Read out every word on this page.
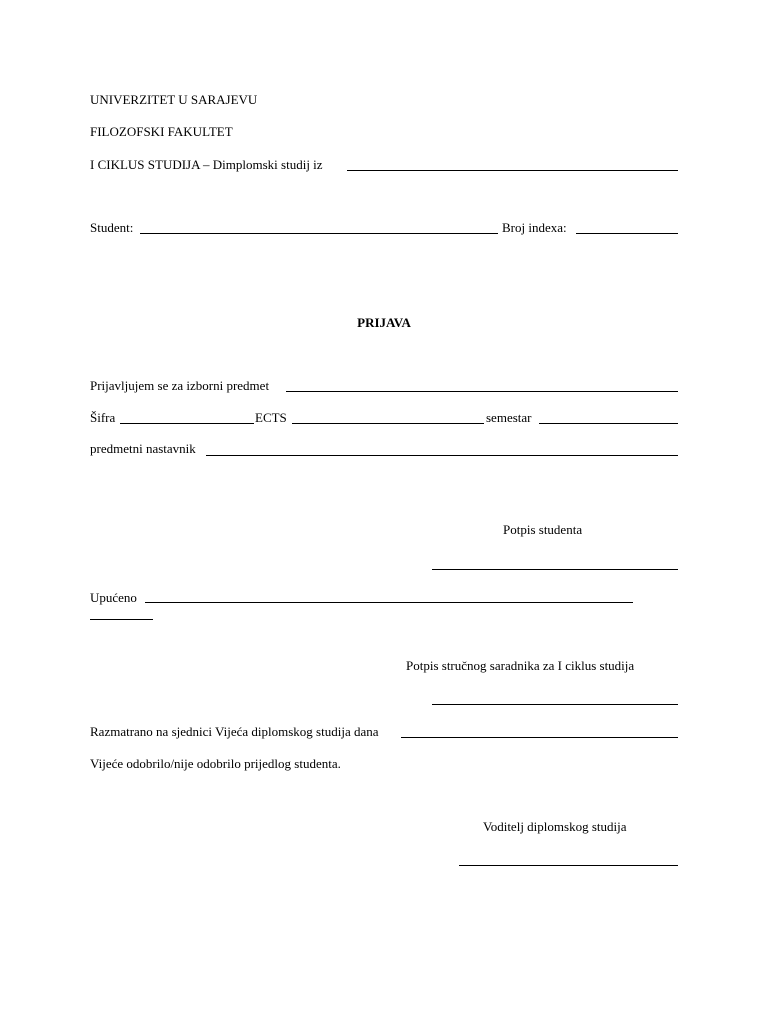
UNIVERZITET U SARAJEVU
FILOZOFSKI FAKULTET
I CIKLUS STUDIJA – Dimplomski studij iz
Student:	Broj indexa:
PRIJAVA
Prijavljujem se za izborni predmet
Šifra	ECTS	semestar
predmetni nastavnik
Potpis studenta
Upućeno
Potpis stručnog saradnika za I ciklus studija
Razmatrano na sjednici Vijeća diplomskog studija dana
Vijeće odobrilo/nije odobrilo prijedlog studenta.
Voditelj diplomskog studija
